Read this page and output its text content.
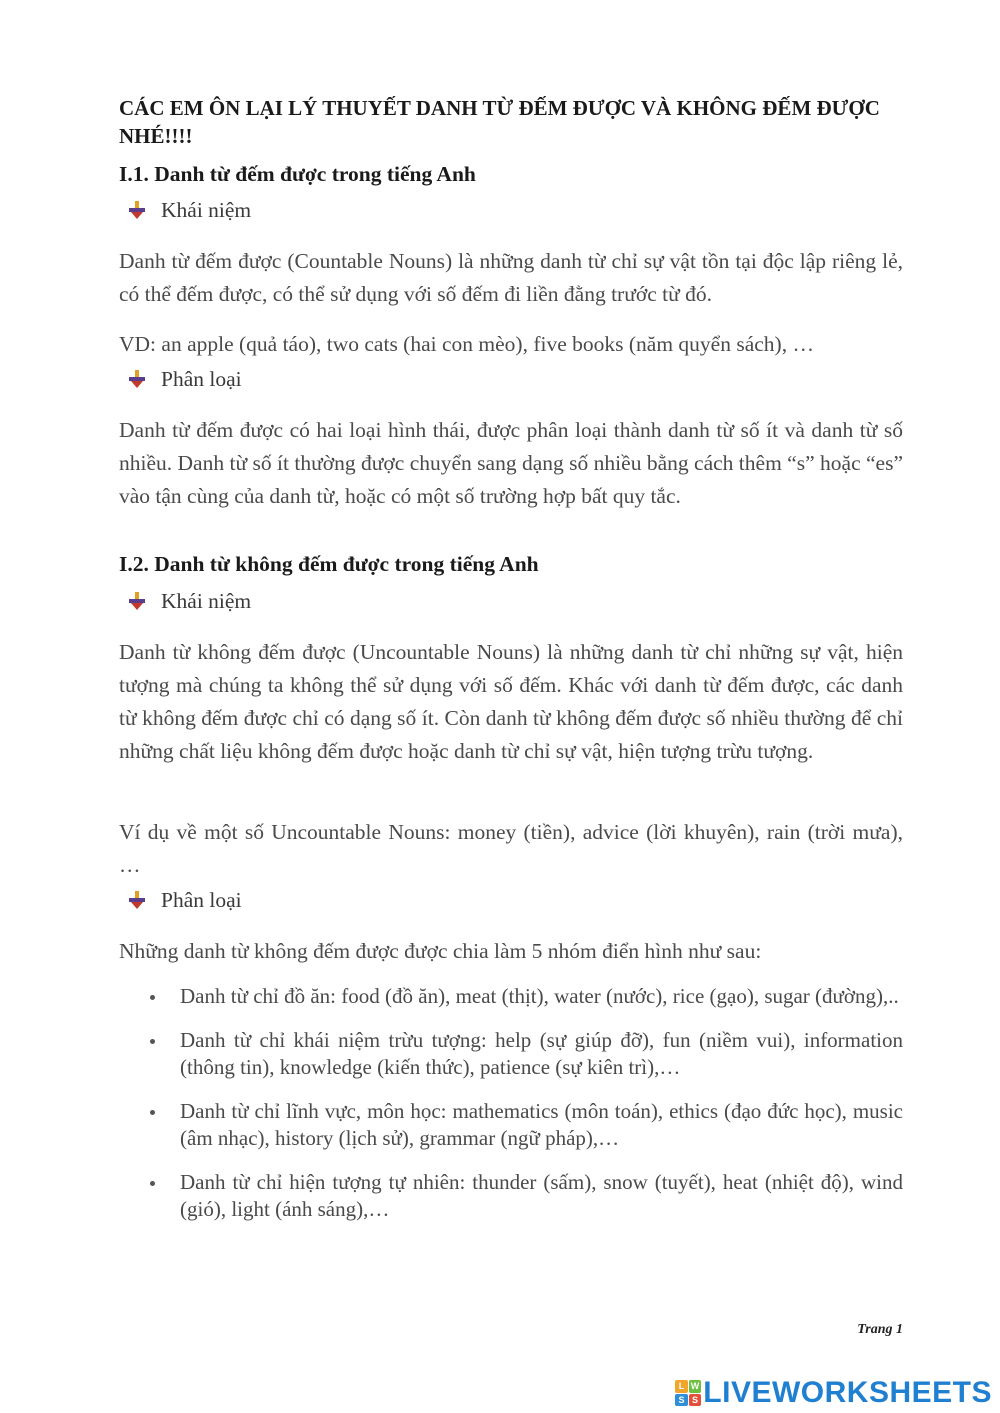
CÁC EM ÔN LẠI LÝ THUYẾT DANH TỪ ĐẾM ĐƯỢC VÀ KHÔNG ĐẾM ĐƯỢC NHÉ!!!!
I.1. Danh từ đếm được trong tiếng Anh
Khái niệm

Danh từ đếm được (Countable Nouns) là những danh từ chỉ sự vật tồn tại độc lập riêng lẻ, có thể đếm được, có thể sử dụng với số đếm đi liền đằng trước từ đó.

VD: an apple (quả táo), two cats (hai con mèo), five books (năm quyển sách), …

Phân loại

Danh từ đếm được có hai loại hình thái, được phân loại thành danh từ số ít và danh từ số nhiều. Danh từ số ít thường được chuyển sang dạng số nhiều bằng cách thêm “s” hoặc “es” vào tận cùng của danh từ, hoặc có một số trường hợp bất quy tắc.

I.2. Danh từ không đếm được trong tiếng Anh
Khái niệm

Danh từ không đếm được (Uncountable Nouns) là những danh từ chỉ những sự vật, hiện tượng mà chúng ta không thể sử dụng với số đếm. Khác với danh từ đếm được, các danh từ không đếm được chỉ có dạng số ít. Còn danh từ không đếm được số nhiều thường để chỉ những chất liệu không đếm được hoặc danh từ chỉ sự vật, hiện tượng trừu tượng.

Ví dụ về một số Uncountable Nouns: money (tiền), advice (lời khuyên), rain (trời mưa), …

Phân loại

Những danh từ không đếm được được chia làm 5 nhóm điển hình như sau:

Danh từ chỉ đồ ăn: food (đồ ăn), meat (thịt), water (nước), rice (gạo), sugar (đường),..
Danh từ chỉ khái niệm trừu tượng: help (sự giúp đỡ), fun (niềm vui), information (thông tin), knowledge (kiến thức), patience (sự kiên trì),…
Danh từ chỉ lĩnh vực, môn học: mathematics (môn toán), ethics (đạo đức học), music (âm nhạc), history (lịch sử), grammar (ngữ pháp),…
Danh từ chỉ hiện tượng tự nhiên: thunder (sấm), snow (tuyết), heat (nhiệt độ), wind (gió), light (ánh sáng),…
Trang 1
L W
S S LIVEWORKSHEETS
